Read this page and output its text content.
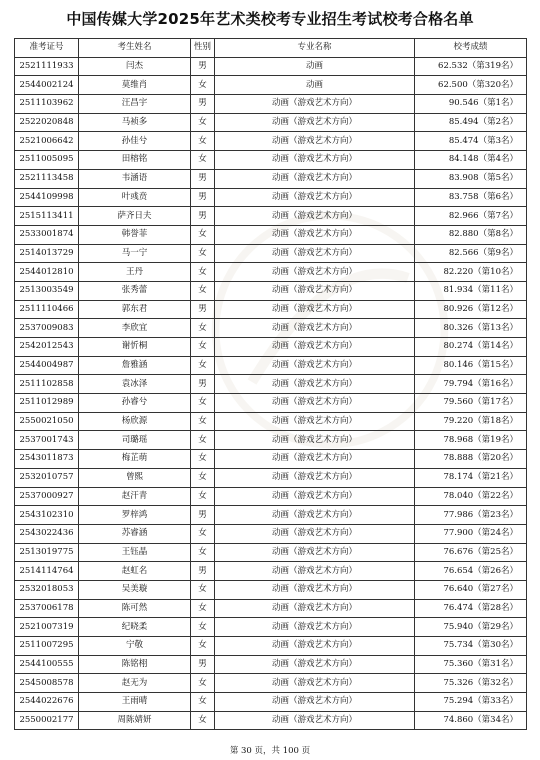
中国传媒大学2025年艺术类校考专业招生考试校考合格名单
准考证号	考生姓名	性别	专业名称	校考成绩
2521111933	闫杰	男	动画	62.532（第319名）
2544002124	莫维肖	女	动画	62.500（第320名）
2511103962	汪昌宇	男	动画（游戏艺术方向）	90.546（第1名）
2522020848	马祯多	女	动画（游戏艺术方向）	85.494（第2名）
2521006642	孙佳兮	女	动画（游戏艺术方向）	85.474（第3名）
2511005095	田榕铭	女	动画（游戏艺术方向）	84.148（第4名）
2521113458	韦涵语	男	动画（游戏艺术方向）	83.908（第5名）
2544109998	叶彧贲	男	动画（游戏艺术方向）	83.758（第6名）
2515113411	萨齐日夫	男	动画（游戏艺术方向）	82.966（第7名）
2533001874	韩誉菲	女	动画（游戏艺术方向）	82.880（第8名）
2514013729	马一宁	女	动画（游戏艺术方向）	82.566（第9名）
2544012810	王丹	女	动画（游戏艺术方向）	82.220（第10名）
2513003549	张秀蕾	女	动画（游戏艺术方向）	81.934（第11名）
2511110466	郭东君	男	动画（游戏艺术方向）	80.926（第12名）
2537009083	李欣宜	女	动画（游戏艺术方向）	80.326（第13名）
2542012543	谢忻桐	女	动画（游戏艺术方向）	80.274（第14名）
2544004987	詹雅涵	女	动画（游戏艺术方向）	80.146（第15名）
2511102858	袁冰泽	男	动画（游戏艺术方向）	79.794（第16名）
2511012989	孙睿兮	女	动画（游戏艺术方向）	79.560（第17名）
2550021050	杨欣源	女	动画（游戏艺术方向）	79.220（第18名）
2537001743	司璐瑶	女	动画（游戏艺术方向）	78.968（第19名）
2543011873	梅芷萌	女	动画（游戏艺术方向）	78.888（第20名）
2532010757	曾熙	女	动画（游戏艺术方向）	78.174（第21名）
2537000927	赵汗青	女	动画（游戏艺术方向）	78.040（第22名）
2543102310	罗梓鸿	男	动画（游戏艺术方向）	77.986（第23名）
2543022436	苏睿涵	女	动画（游戏艺术方向）	77.900（第24名）
2513019775	王钰晶	女	动画（游戏艺术方向）	76.676（第25名）
2514114764	赵虹名	男	动画（游戏艺术方向）	76.654（第26名）
2532018053	吴美璇	女	动画（游戏艺术方向）	76.640（第27名）
2537006178	陈可然	女	动画（游戏艺术方向）	76.474（第28名）
2521007319	纪晓柔	女	动画（游戏艺术方向）	75.940（第29名）
2511007295	宁敬	女	动画（游戏艺术方向）	75.734（第30名）
2544100555	陈铭栩	男	动画（游戏艺术方向）	75.360（第31名）
2545008578	赵无为	女	动画（游戏艺术方向）	75.326（第32名）
2544022676	王雨晴	女	动画（游戏艺术方向）	75.294（第33名）
2550002177	周陈婧妍	女	动画（游戏艺术方向）	74.860（第34名）
第 30 页，共 100 页
